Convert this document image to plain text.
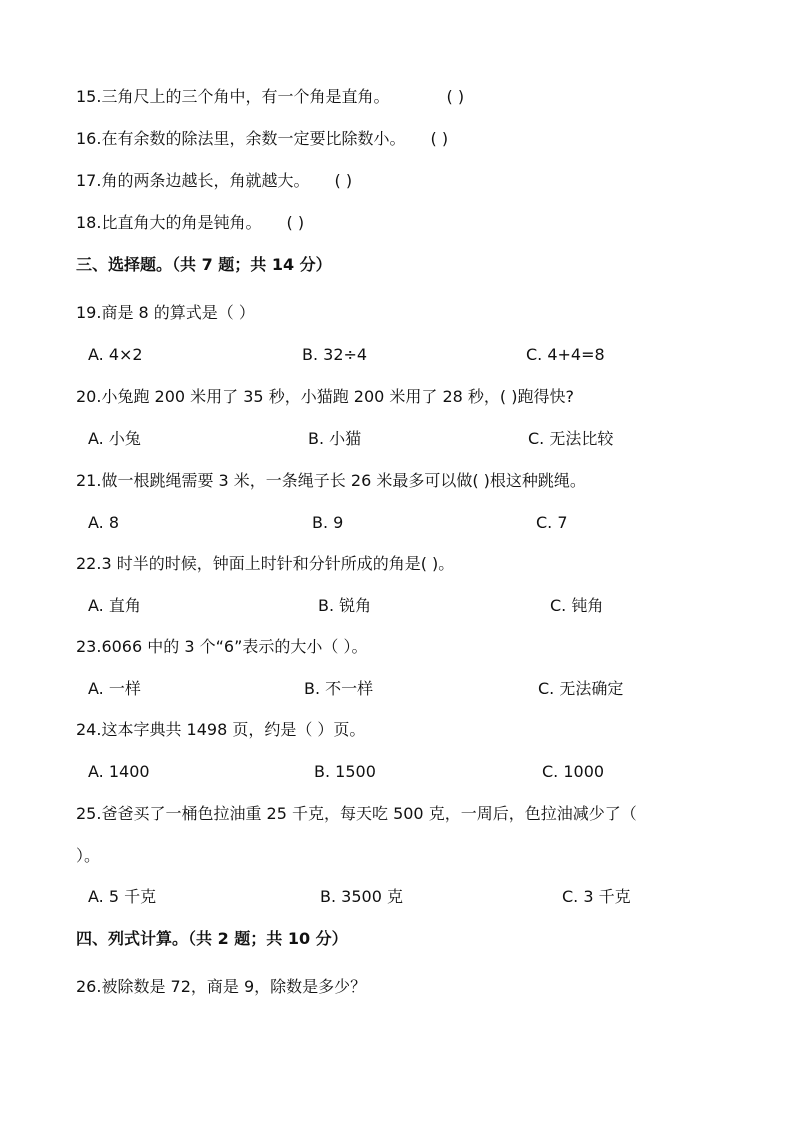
15.三角尺上的三个角中，有一个角是直角。	( )
16.在有余数的除法里，余数一定要比除数小。 ( )
17.角的两条边越长，角就越大。 ( )
18.比直角大的角是钝角。 ( )
三、选择题。（共 7 题；共 14 分）
19.商是 8 的算式是（ ）
A. 4×2	B. 32÷4	C. 4+4=8
20.小兔跑 200 米用了 35 秒，小猫跑 200 米用了 28 秒，( )跑得快?
A. 小兔	B. 小猫	C. 无法比较
21.做一根跳绳需要 3 米，一条绳子长 26 米最多可以做( )根这种跳绳。
A. 8	B. 9	C. 7
22.3 时半的时候，钟面上时针和分针所成的角是( )。
A. 直角	B. 锐角	C. 钝角
23.6066 中的 3 个“6”表示的大小（ ）。
A. 一样	B. 不一样	C. 无法确定
24.这本字典共 1498 页，约是（ ）页。
A. 1400	B. 1500	C. 1000
25.爸爸买了一桶色拉油重 25 千克，每天吃 500 克，一周后，色拉油减少了（
）。
A. 5 千克	B. 3500 克	C. 3 千克
四、列式计算。（共 2 题；共 10 分）
26.被除数是 72，商是 9，除数是多少？
